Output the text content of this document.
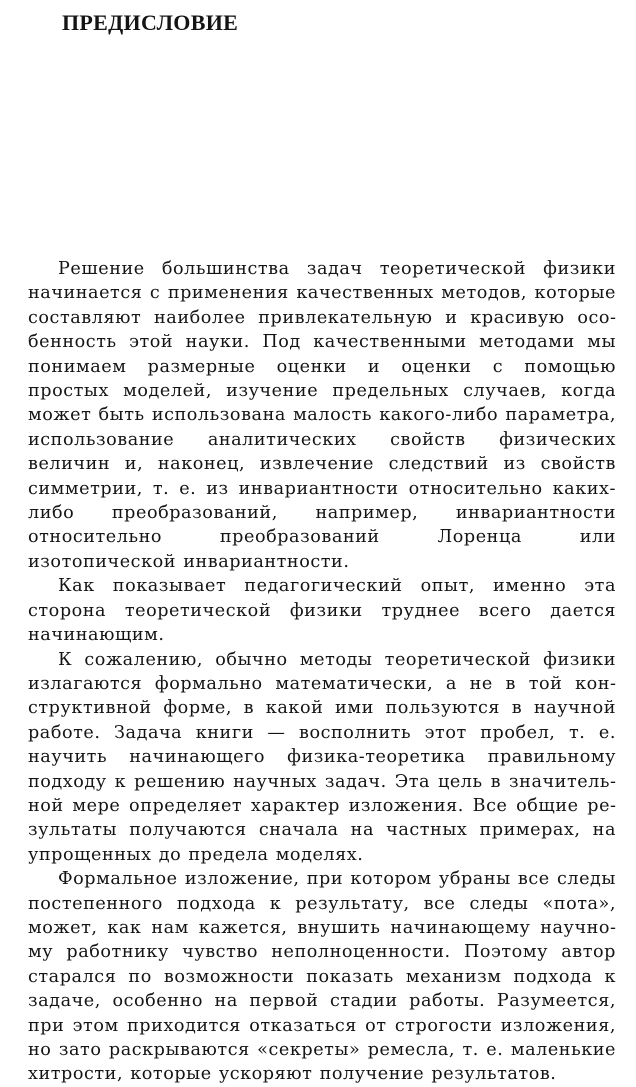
ПРЕДИСЛОВИЕ

Решение большинства задач теоретической физики начинается с применения качественных методов, которые составляют наиболее привлекательную и красивую особенность этой науки. Под качественными методами мы понимаем размерные оценки и оценки с помощью простых моделей, изучение предельных случаев, когда может быть использована малость какого-либо параметра, использование аналитических свойств физических величин и, наконец, извлечение следствий из свойств симметрии, т. е. из инвариантности относительно каких-либо преобразований, например, инвариантности относительно преобразований Лоренца или изотопической инвариантности.

Как показывает педагогический опыт, именно эта сторона теоретической физики труднее всего дается начинающим.

К сожалению, обычно методы теоретической физики излагаются формально математически, а не в той конструктивной форме, в какой ими пользуются в научной работе. Задача книги — восполнить этот пробел, т. е. научить начинающего физика-теоретика правильному подходу к решению научных задач. Эта цель в значительной мере определяет характер изложения. Все общие результаты получаются сначала на частных примерах, на упрощенных до предела моделях.

Формальное изложение, при котором убраны все следы постепенного подхода к результату, все следы «пота», может, как нам кажется, внушить начинающему научному работнику чувство неполноценности. Поэтому автор старался по возможности показать механизм подхода к задаче, особенно на первой стадии работы. Разумеется, при этом приходится отказаться от строгости изложения, но зато раскрываются «секреты» ремесла, т. е. маленькие хитрости, которые ускоряют получение результатов.
